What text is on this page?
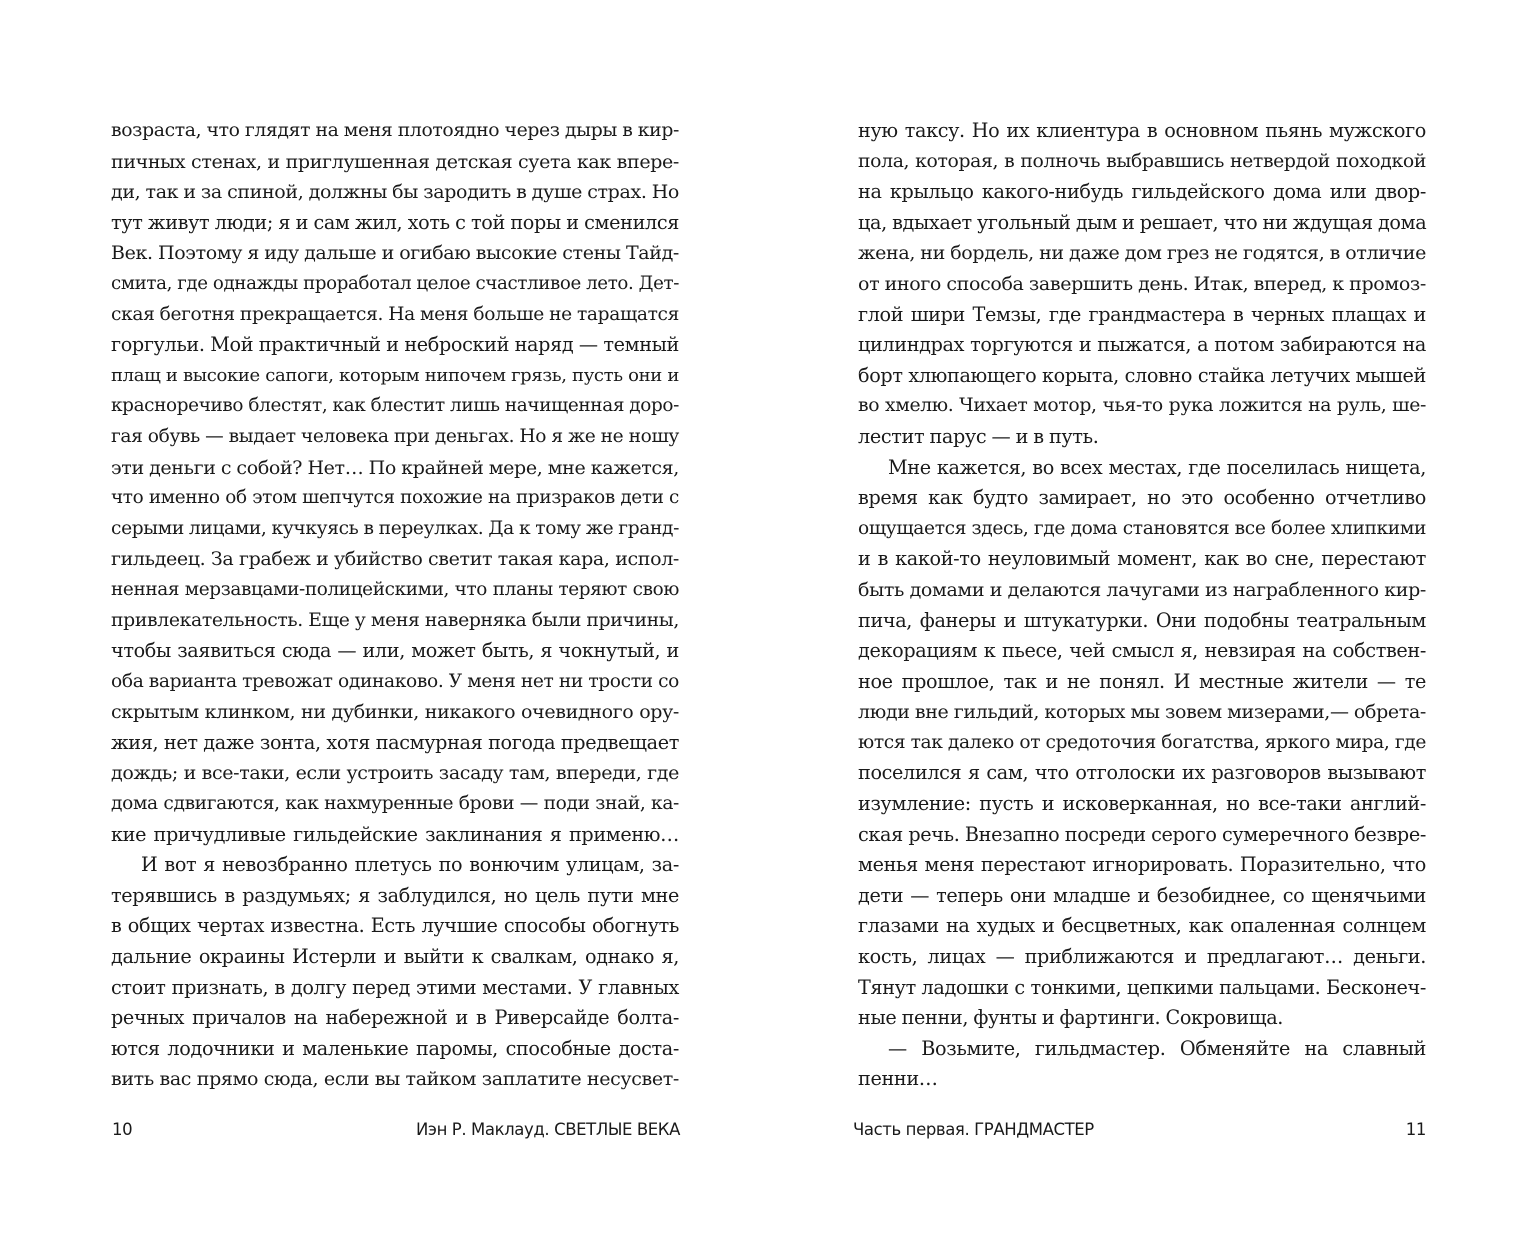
возраста, что глядят на меня плотоядно через дыры в кир-
пичных стенах, и приглушенная детская суета как впере-
ди, так и за спиной, должны бы зародить в душе страх. Но
тут живут люди; я и сам жил, хоть с той поры и сменился
Век. Поэтому я иду дальше и огибаю высокие стены Тайд-
смита, где однажды проработал целое счастливое лето. Дет-
ская беготня прекращается. На меня больше не таращатся
горгульи. Мой практичный и неброский наряд — темный
плащ и высокие сапоги, которым нипочем грязь, пусть они и
красноречиво блестят, как блестит лишь начищенная доро-
гая обувь — выдает человека при деньгах. Но я же не ношу
эти деньги с собой? Нет… По крайней мере, мне кажется,
что именно об этом шепчутся похожие на призраков дети с
серыми лицами, кучкуясь в переулках. Да к тому же гранд-
гильдеец. За грабеж и убийство светит такая кара, испол-
ненная мерзавцами-полицейскими, что планы теряют свою
привлекательность. Еще у меня наверняка были причины,
чтобы заявиться сюда — или, может быть, я чокнутый, и
оба варианта тревожат одинаково. У меня нет ни трости со
скрытым клинком, ни дубинки, никакого очевидного ору-
жия, нет даже зонта, хотя пасмурная погода предвещает
дождь; и все-таки, если устроить засаду там, впереди, где
дома сдвигаются, как нахмуренные брови — поди знай, ка-
кие причудливые гильдейские заклинания я применю…
И вот я невозбранно плетусь по вонючим улицам, за-
терявшись в раздумьях; я заблудился, но цель пути мне
в общих чертах известна. Есть лучшие способы обогнуть
дальние окраины Истерли и выйти к свалкам, однако я,
стоит признать, в долгу перед этими местами. У главных
речных причалов на набережной и в Риверсайде болта-
ются лодочники и маленькие паромы, способные доста-
вить вас прямо сюда, если вы тайком заплатите несусвет-
10	Иэн Р. Маклауд. СВЕТЛЫЕ ВЕКА
ную таксу. Но их клиентура в основном пьянь мужского
пола, которая, в полночь выбравшись нетвердой походкой
на крыльцо какого-нибудь гильдейского дома или двор-
ца, вдыхает угольный дым и решает, что ни ждущая дома
жена, ни бордель, ни даже дом грез не годятся, в отличие
от иного способа завершить день. Итак, вперед, к промоз-
глой шири Темзы, где грандмастера в черных плащах и
цилиндрах торгуются и пыжатся, а потом забираются на
борт хлюпающего корыта, словно стайка летучих мышей
во хмелю. Чихает мотор, чья-то рука ложится на руль, ше-
лестит парус — и в путь.
Мне кажется, во всех местах, где поселилась нищета,
время как будто замирает, но это особенно отчетливо
ощущается здесь, где дома становятся все более хлипкими
и в какой-то неуловимый момент, как во сне, перестают
быть домами и делаются лачугами из награбленного кир-
пича, фанеры и штукатурки. Они подобны театральным
декорациям к пьесе, чей смысл я, невзирая на собствен-
ное прошлое, так и не понял. И местные жители — те
люди вне гильдий, которых мы зовем мизерами,— обрета-
ются так далеко от средоточия богатства, яркого мира, где
поселился я сам, что отголоски их разговоров вызывают
изумление: пусть и исковерканная, но все-таки англий-
ская речь. Внезапно посреди серого сумеречного безвре-
менья меня перестают игнорировать. Поразительно, что
дети — теперь они младше и безобиднее, со щенячьими
глазами на худых и бесцветных, как опаленная солнцем
кость, лицах — приближаются и предлагают… деньги.
Тянут ладошки с тонкими, цепкими пальцами. Бесконеч-
ные пенни, фунты и фартинги. Сокровища.
— Возьмите, гильдмастер. Обменяйте на славный
пенни…
Часть первая. ГРАНДМАСТЕР	11
